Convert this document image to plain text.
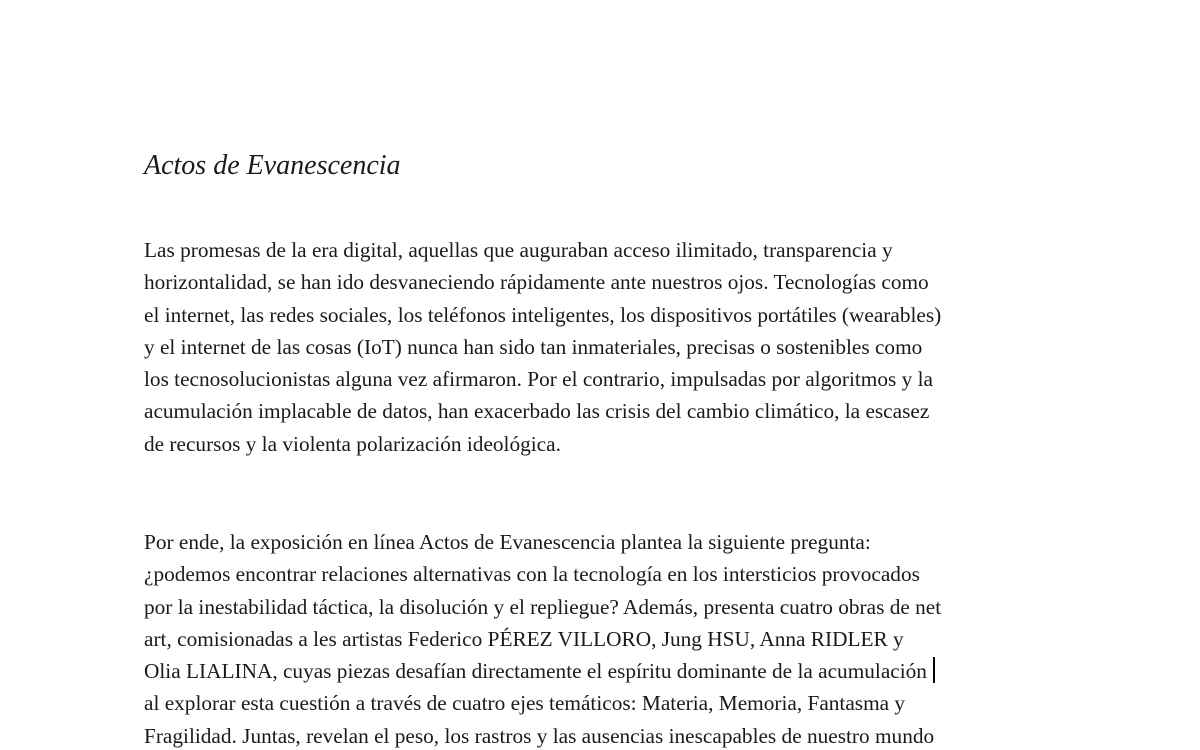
Actos de Evanescencia
Las promesas de la era digital, aquellas que auguraban acceso ilimitado, transparencia y
horizontalidad, se han ido desvaneciendo rápidamente ante nuestros ojos. Tecnologías como
el internet, las redes sociales, los teléfonos inteligentes, los dispositivos portátiles (wearables)
y el internet de las cosas (IoT) nunca han sido tan inmateriales, precisas o sostenibles como
los tecnosolucionistas alguna vez afirmaron. Por el contrario, impulsadas por algoritmos y la
acumulación implacable de datos, han exacerbado las crisis del cambio climático, la escasez
de recursos y la violenta polarización ideológica.
Por ende, la exposición en línea Actos de Evanescencia plantea la siguiente pregunta:
¿podemos encontrar relaciones alternativas con la tecnología en los intersticios provocados
por la inestabilidad táctica, la disolución y el repliegue? Además, presenta cuatro obras de net
art, comisionadas a les artistas Federico PÉREZ VILLORO, Jung HSU, Anna RIDLER y
Olia LIALINA, cuyas piezas desafían directamente el espíritu dominante de la acumulación
al explorar esta cuestión a través de cuatro ejes temáticos: Materia, Memoria, Fantasma y
Fragilidad. Juntas, revelan el peso, los rastros y las ausencias inescapables de nuestro mundo
